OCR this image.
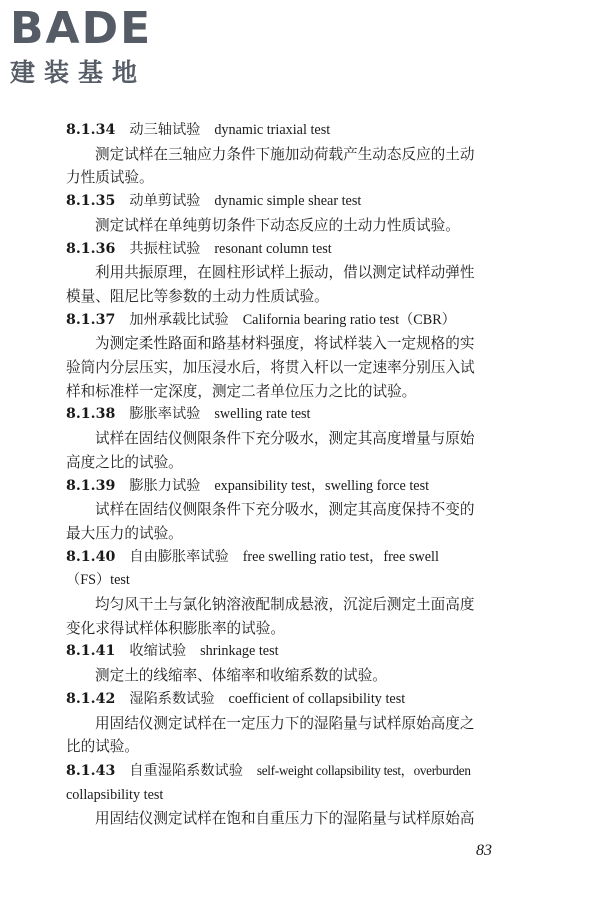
BADE
建装基地
8.1.34 动三轴试验 dynamic triaxial test

测定试样在三轴应力条件下施加动荷载产生动态反应的土动
力性质试验。

8.1.35 动单剪试验 dynamic simple shear test

测定试样在单纯剪切条件下动态反应的土动力性质试验。

8.1.36 共振柱试验 resonant column test

利用共振原理，在圆柱形试样上振动，借以测定试样动弹性
模量、阻尼比等参数的土动力性质试验。

8.1.37 加州承载比试验 California bearing ratio test（CBR）

为测定柔性路面和路基材料强度，将试样装入一定规格的实
验筒内分层压实，加压浸水后，将贯入杆以一定速率分别压入试
样和标准样一定深度，测定二者单位压力之比的试验。

8.1.38 膨胀率试验 swelling rate test

试样在固结仪侧限条件下充分吸水，测定其高度增量与原始
高度之比的试验。

8.1.39 膨胀力试验 expansibility test，swelling force test

试样在固结仪侧限条件下充分吸水，测定其高度保持不变的
最大压力的试验。

8.1.40 自由膨胀率试验 free swelling ratio test，free swell
（FS）test

均匀风干土与氯化钠溶液配制成悬液，沉淀后测定土面高度
变化求得试样体积膨胀率的试验。

8.1.41 收缩试验 shrinkage test

测定土的线缩率、体缩率和收缩系数的试验。

8.1.42 湿陷系数试验 coefficient of collapsibility test

用固结仪测定试样在一定压力下的湿陷量与试样原始高度之
比的试验。

8.1.43 自重湿陷系数试验 self-weight collapsibility test，overburden
collapsibility test

用固结仪测定试样在饱和自重压力下的湿陷量与试样原始高

83
